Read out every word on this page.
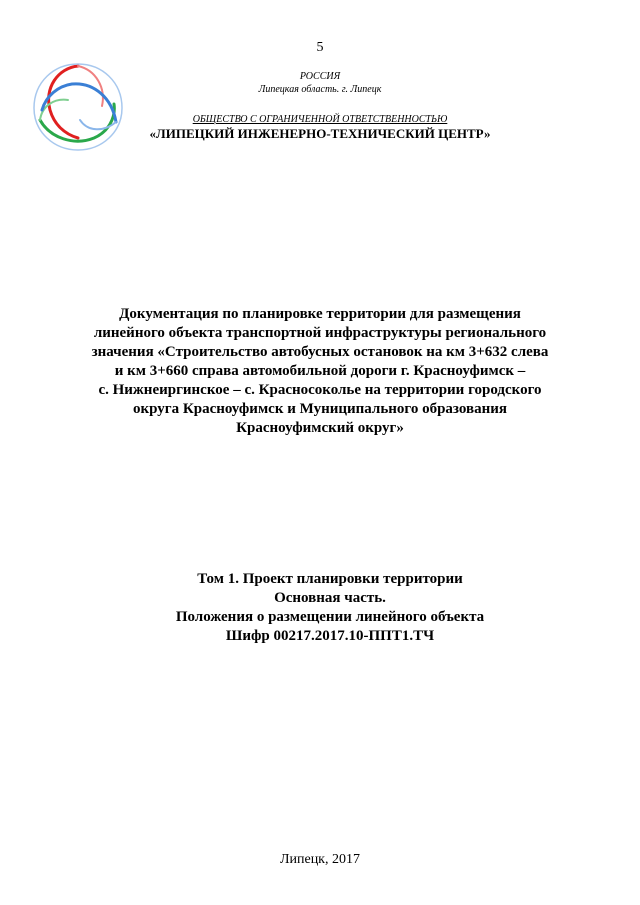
5
РОССИЯ
Липецкая область. г. Липецк
ОБЩЕСТВО С ОГРАНИЧЕННОЙ ОТВЕТСТВЕННОСТЬЮ
«ЛИПЕЦКИЙ ИНЖЕНЕРНО-ТЕХНИЧЕСКИЙ ЦЕНТР»
Документация по планировке территории для размещения
линейного объекта транспортной инфраструктуры регионального
значения «Строительство автобусных остановок на км 3+632 слева
и км 3+660 справа автомобильной дороги г. Красноуфимск –
с. Нижнеиргинское – с. Красносоколье на территории городского
округа Красноуфимск и Муниципального образования
Красноуфимский округ»
Том 1. Проект планировки территории
Основная часть.
Положения о размещении линейного объекта
Шифр 00217.2017.10-ППТ1.ТЧ
Липецк, 2017
